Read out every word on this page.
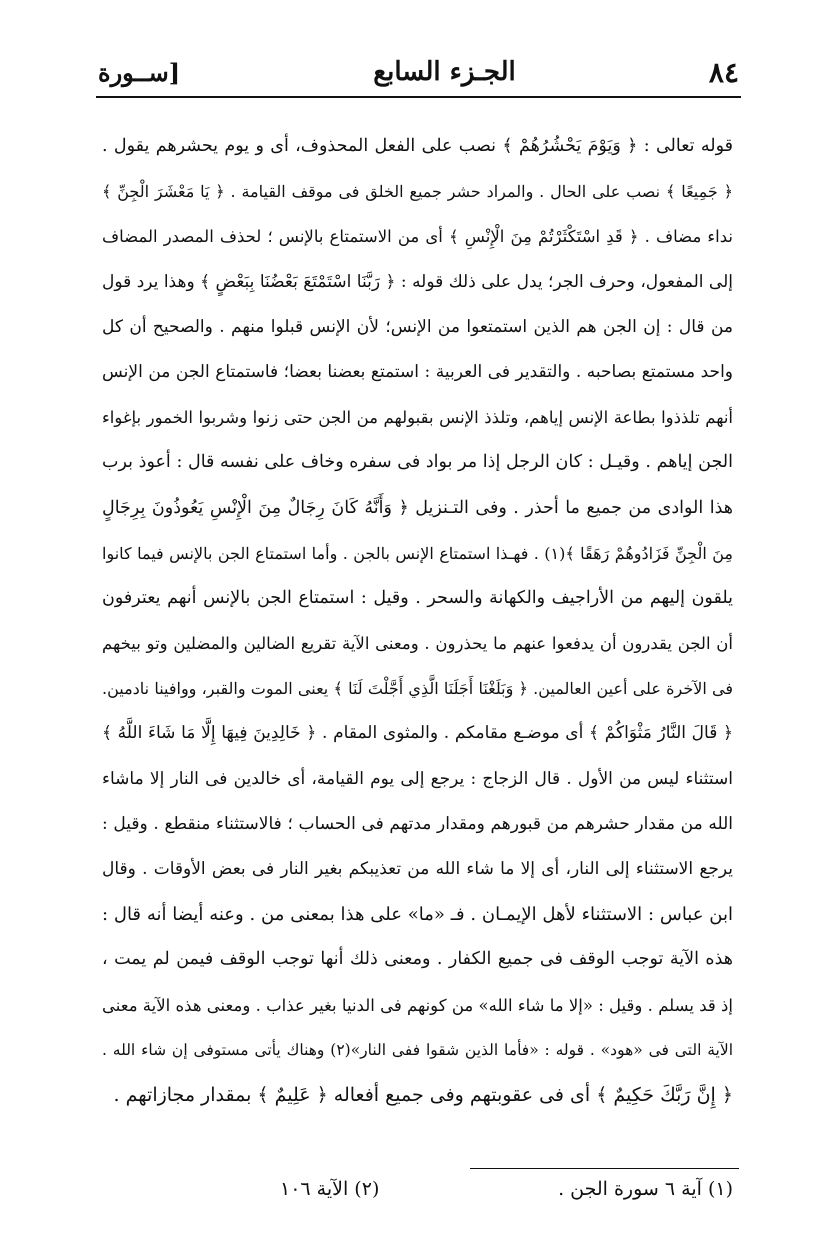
٨٤
الجـزء السابع
[ســورة
قوله تعالى : ﴿ وَيَوْمَ يَحْشُرُهُمْ ﴾ نصب على الفعل المحذوف، أى و يوم يحشرهم يقول .
﴿ جَمِيعًا ﴾ نصب على الحال . والمراد حشر جميع الخلق فى موقف القيامة . ﴿ يَا مَعْشَرَ الْجِنِّ ﴾
نداء مضاف . ﴿ قَدِ اسْتَكْثَرْتُمْ مِنَ الْإِنْسِ ﴾ أى من الاستمتاع بالإنس ؛ لحذف المصدر المضاف
إلى المفعول، وحرف الجر؛ يدل على ذلك قوله : ﴿ رَبَّنَا اسْتَمْتَعَ بَعْضُنَا بِبَعْضٍ ﴾ وهذا يرد قول
من قال : إن الجن هم الذين استمتعوا من الإنس؛ لأن الإنس قبلوا منهم . والصحيح أن كل
واحد مستمتع بصاحبه . والتقدير فى العربية : استمتع بعضنا بعضا؛ فاستمتاع الجن من الإنس
أنهم تلذذوا بطاعة الإنس إياهم، وتلذذ الإنس بقبولهم من الجن حتى زنوا وشربوا الخمور بإغواء
الجن إياهم . وقيـل : كان الرجل إذا مر بواد فى سفره وخاف على نفسه قال : أعوذ برب
هذا الوادى من جميع ما أحذر . وفى التـنزيل ﴿ وَأَنَّهُ كَانَ رِجَالٌ مِنَ الْإِنْسِ يَعُوذُونَ بِرِجَالٍ
مِنَ الْجِنِّ فَزَادُوهُمْ رَهَقًا ﴾(١) . فهـذا استمتاع الإنس بالجن . وأما استمتاع الجن بالإنس فيما كانوا
يلقون إليهم من الأراجيف والكهانة والسحر . وقيل : استمتاع الجن بالإنس أنهم يعترفون
أن الجن يقدرون أن يدفعوا عنهم ما يحذرون . ومعنى الآية تقريع الضالين والمضلين وتو بيخهم
فى الآخرة على أعين العالمين. ﴿ وَبَلَغْنَا أَجَلَنَا الَّذِي أَجَّلْتَ لَنَا ﴾ يعنى الموت والقبر، ووافينا نادمين.
﴿ قَالَ النَّارُ مَثْوَاكُمْ ﴾ أى موضـع مقامكم . والمثوى المقام . ﴿ خَالِدِينَ فِيهَا إِلَّا مَا شَاءَ اللَّهُ ﴾
استثناء ليس من الأول . قال الزجاج : يرجع إلى يوم القيامة، أى خالدين فى النار إلا ماشاء
الله من مقدار حشرهم من قبورهم ومقدار مدتهم فى الحساب ؛ فالاستثناء منقطع . وقيل :
يرجع الاستثناء إلى النار، أى إلا ما شاء الله من تعذيبكم بغير النار فى بعض الأوقات . وقال
ابن عباس : الاستثناء لأهل الإيمـان . فـ «ما» على هذا بمعنى من . وعنه أيضا أنه قال :
هذه الآية توجب الوقف فى جميع الكفار . ومعنى ذلك أنها توجب الوقف فيمن لم يمت ،
إذ قد يسلم . وقيل : «إلا ما شاء الله» من كونهم فى الدنيا بغير عذاب . ومعنى هذه الآية معنى
الآية التى فى «هود» . قوله : «فأما الذين شقوا ففى النار»(٢) وهناك يأتى مستوفى إن شاء الله .
﴿ إِنَّ رَبَّكَ حَكِيمٌ ﴾ أى فى عقوبتهم وفى جميع أفعاله ﴿ عَلِيمٌ ﴾ بمقدار مجازاتهم .
(١) آية ٦ سورة الجن .
(٢) الآية ١٠٦
